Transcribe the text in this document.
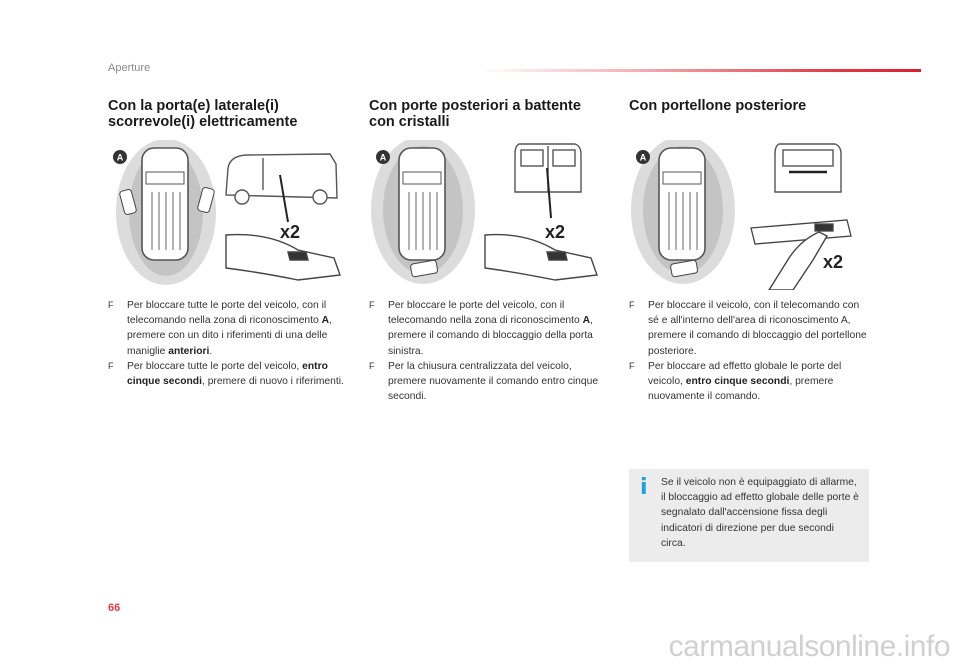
Aperture
Con la porta(e) laterale(i)
scorrevole(i) elettricamente
A
x2

F Per bloccare tutte le porte del veicolo, con il telecomando nella zona di riconoscimento A, premere con un dito i riferimenti di una delle maniglie anteriori.

F Per bloccare tutte le porte del veicolo, entro cinque secondi, premere di nuovo i riferimenti.

Con porte posteriori a battente
con cristalli
A
x2

F Per bloccare le porte del veicolo, con il telecomando nella zona di riconoscimento A, premere il comando di bloccaggio della porta sinistra.

F Per la chiusura centralizzata del veicolo, premere nuovamente il comando entro cinque secondi.

Con portellone posteriore
A
x2

F Per bloccare il veicolo, con il telecomando con sé e all'interno dell'area di riconoscimento A, premere il comando di bloccaggio del portellone posteriore.

F Per bloccare ad effetto globale le porte del veicolo, entro cinque secondi, premere nuovamente il comando.

i Se il veicolo non è equipaggiato di allarme, il bloccaggio ad effetto globale delle porte è segnalato dall'accensione fissa degli indicatori di direzione per due secondi circa.
66
carmanualsonline.info
